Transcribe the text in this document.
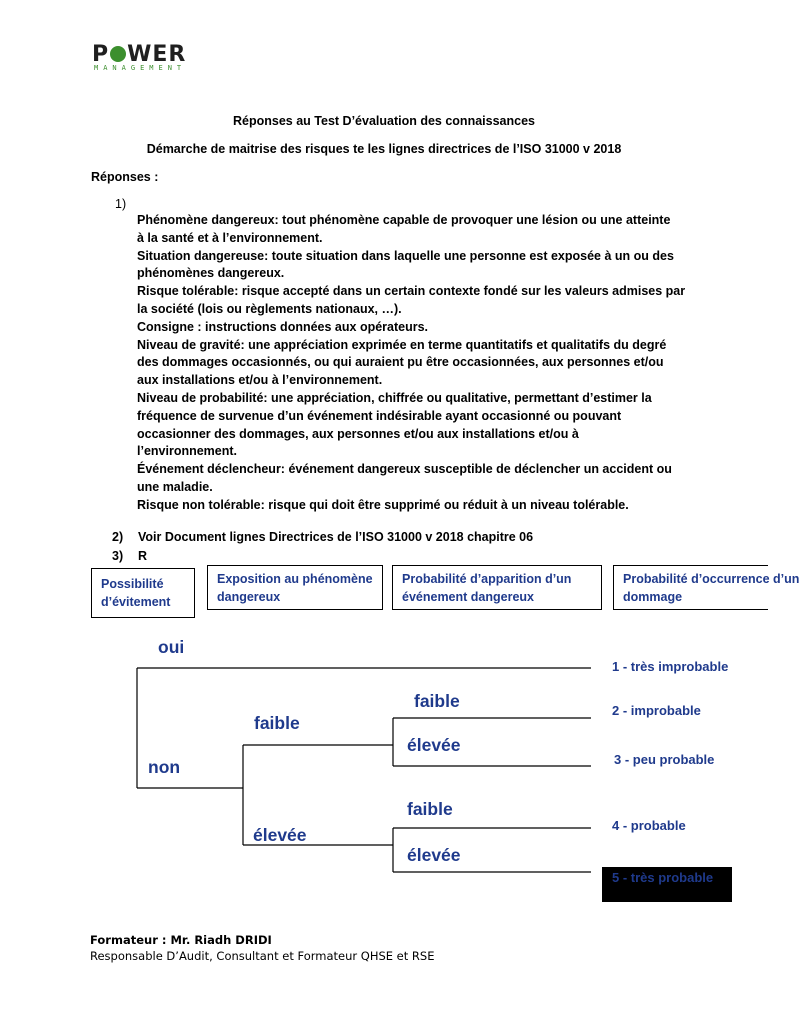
P WER
MANAGEMENT
Réponses au Test D’évaluation des connaissances
Démarche de maitrise des risques te les lignes directrices de l’ISO 31000 v 2018
Réponses :
1)

Phénomène dangereux: tout phénomène capable de provoquer une lésion ou une atteinte

à la santé et à l’environnement.

Situation dangereuse: toute situation dans laquelle une personne est exposée à un ou des

phénomènes dangereux.

Risque tolérable: risque accepté dans un certain contexte fondé sur les valeurs admises par

la société (lois ou règlements nationaux, …).

Consigne : instructions données aux opérateurs.

Niveau de gravité: une appréciation exprimée en terme quantitatifs et qualitatifs du degré

des dommages occasionnés, ou qui auraient pu être occasionnées, aux personnes et/ou

aux installations et/ou à l’environnement.

Niveau de probabilité: une appréciation, chiffrée ou qualitative, permettant d’estimer la

fréquence de survenue d’un événement indésirable ayant occasionné ou pouvant

occasionner des dommages, aux personnes et/ou aux installations et/ou à

l’environnement.

Événement déclencheur: événement dangereux susceptible de déclencher un accident ou

une maladie.

Risque non tolérable: risque qui doit être supprimé ou réduit à un niveau tolérable.

2) Voir Document lignes Directrices de l’ISO 31000 v 2018 chapitre 06
3) R
Possibilité
d’évitement
Exposition au phénomène
dangereux
Probabilité d’apparition d’un
événement dangereux
Probabilité d’occurrence d’un
dommage
oui
non
faible
élevée
faible
élevée
faible
élevée
1 - très improbable
2 - improbable
3 - peu probable
4 - probable
5 - très probable
Formateur : Mr. Riadh DRIDI
Responsable D’Audit, Consultant et Formateur QHSE et RSE
